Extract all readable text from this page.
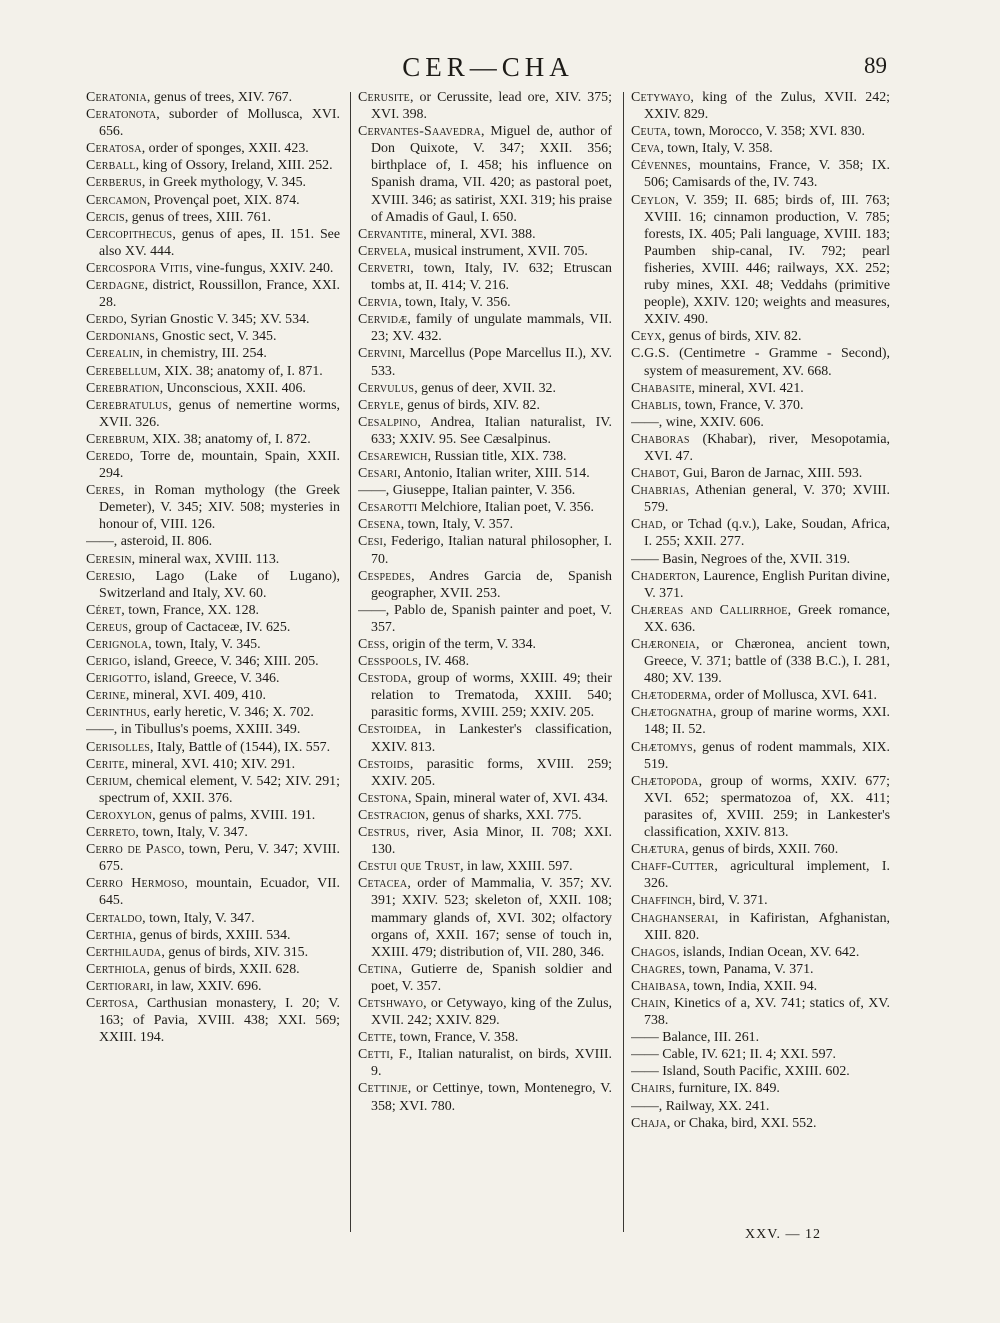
CER—CHA	89

Ceratonia, genus of trees, XIV. 767.

Ceratonota, suborder of Mollusca, XVI. 656.

Ceratosa, order of sponges, XXII. 423.

Cerball, king of Ossory, Ireland, XIII. 252.

Cerberus, in Greek mythology, V. 345.

Cercamon, Provençal poet, XIX. 874.

Cercis, genus of trees, XIII. 761.

Cercopithecus, genus of apes, II. 151. See also XV. 444.

Cercospora Vitis, vine-fungus, XXIV. 240.

Cerdagne, district, Roussillon, France, XXI. 28.

Cerdo, Syrian Gnostic V. 345; XV. 534.

Cerdonians, Gnostic sect, V. 345.

Cerealin, in chemistry, III. 254.

Cerebellum, XIX. 38; anatomy of, I. 871.

Cerebration, Unconscious, XXII. 406.

Cerebratulus, genus of nemertine worms, XVII. 326.

Cerebrum, XIX. 38; anatomy of, I. 872.

Ceredo, Torre de, mountain, Spain, XXII. 294.

Ceres, in Roman mythology (the Greek Demeter), V. 345; XIV. 508; mysteries in honour of, VIII. 126.

——, asteroid, II. 806.

Ceresin, mineral wax, XVIII. 113.

Ceresio, Lago (Lake of Lugano), Switzerland and Italy, XV. 60.

Céret, town, France, XX. 128.

Cereus, group of Cactaceæ, IV. 625.

Cerignola, town, Italy, V. 345.

Cerigo, island, Greece, V. 346; XIII. 205.

Cerigotto, island, Greece, V. 346.

Cerine, mineral, XVI. 409, 410.

Cerinthus, early heretic, V. 346; X. 702.

——, in Tibullus's poems, XXIII. 349.

Cerisolles, Italy, Battle of (1544), IX. 557.

Cerite, mineral, XVI. 410; XIV. 291.

Cerium, chemical element, V. 542; XIV. 291; spectrum of, XXII. 376.

Ceroxylon, genus of palms, XVIII. 191.

Cerreto, town, Italy, V. 347.

Cerro de Pasco, town, Peru, V. 347; XVIII. 675.

Cerro Hermoso, mountain, Ecuador, VII. 645.

Certaldo, town, Italy, V. 347.

Certhia, genus of birds, XXIII. 534.

Certhilauda, genus of birds, XIV. 315.

Certhiola, genus of birds, XXII. 628.

Certiorari, in law, XXIV. 696.

Certosa, Carthusian monastery, I. 20; V. 163; of Pavia, XVIII. 438; XXI. 569; XXIII. 194.

Cerusite, or Cerussite, lead ore, XIV. 375; XVI. 398.

Cervantes-Saavedra, Miguel de, author of Don Quixote, V. 347; XXII. 356; birthplace of, I. 458; his influence on Spanish drama, VII. 420; as pastoral poet, XVIII. 346; as satirist, XXI. 319; his praise of Amadis of Gaul, I. 650.

Cervantite, mineral, XVI. 388.

Cervela, musical instrument, XVII. 705.

Cervetri, town, Italy, IV. 632; Etruscan tombs at, II. 414; V. 216.

Cervia, town, Italy, V. 356.

Cervidæ, family of ungulate mammals, VII. 23; XV. 432.

Cervini, Marcellus (Pope Marcellus II.), XV. 533.

Cervulus, genus of deer, XVII. 32.

Ceryle, genus of birds, XIV. 82.

Cesalpino, Andrea, Italian naturalist, IV. 633; XXIV. 95. See Cæsalpinus.

Cesarewich, Russian title, XIX. 738.

Cesari, Antonio, Italian writer, XIII. 514.

——, Giuseppe, Italian painter, V. 356.

Cesarotti Melchiore, Italian poet, V. 356.

Cesena, town, Italy, V. 357.

Cesi, Federigo, Italian natural philosopher, I. 70.

Cespedes, Andres Garcia de, Spanish geographer, XVII. 253.

——, Pablo de, Spanish painter and poet, V. 357.

Cess, origin of the term, V. 334.

Cesspools, IV. 468.

Cestoda, group of worms, XXIII. 49; their relation to Trematoda, XXIII. 540; parasitic forms, XVIII. 259; XXIV. 205.

Cestoidea, in Lankester's classification, XXIV. 813.

Cestoids, parasitic forms, XVIII. 259; XXIV. 205.

Cestona, Spain, mineral water of, XVI. 434.

Cestracion, genus of sharks, XXI. 775.

Cestrus, river, Asia Minor, II. 708; XXI. 130.

Cestui que Trust, in law, XXIII. 597.

Cetacea, order of Mammalia, V. 357; XV. 391; XXIV. 523; skeleton of, XXII. 108; mammary glands of, XVI. 302; olfactory organs of, XXII. 167; sense of touch in, XXIII. 479; distribution of, VII. 280, 346.

Cetina, Gutierre de, Spanish soldier and poet, V. 357.

Cetshwayo, or Cetywayo, king of the Zulus, XVII. 242; XXIV. 829.

Cette, town, France, V. 358.

Cetti, F., Italian naturalist, on birds, XVIII. 9.

Cettinje, or Cettinye, town, Montenegro, V. 358; XVI. 780.

Cetywayo, king of the Zulus, XVII. 242; XXIV. 829.

Ceuta, town, Morocco, V. 358; XVI. 830.

Ceva, town, Italy, V. 358.

Cévennes, mountains, France, V. 358; IX. 506; Camisards of the, IV. 743.

Ceylon, V. 359; II. 685; birds of, III. 763; XVIII. 16; cinnamon production, V. 785; forests, IX. 405; Pali language, XVIII. 183; Paumben ship-canal, IV. 792; pearl fisheries, XVIII. 446; railways, XX. 252; ruby mines, XXI. 48; Veddahs (primitive people), XXIV. 120; weights and measures, XXIV. 490.

Ceyx, genus of birds, XIV. 82.

C.G.S. (Centimetre - Gramme - Second), system of measurement, XV. 668.

Chabasite, mineral, XVI. 421.

Chablis, town, France, V. 370.

——, wine, XXIV. 606.

Chaboras (Khabar), river, Mesopotamia, XVI. 47.

Chabot, Gui, Baron de Jarnac, XIII. 593.

Chabrias, Athenian general, V. 370; XVIII. 579.

Chad, or Tchad (q.v.), Lake, Soudan, Africa, I. 255; XXII. 277.

—— Basin, Negroes of the, XVII. 319.

Chaderton, Laurence, English Puritan divine, V. 371.

Chæreas and Callirrhoe, Greek romance, XX. 636.

Chæroneia, or Chæronea, ancient town, Greece, V. 371; battle of (338 B.C.), I. 281, 480; XV. 139.

Chætoderma, order of Mollusca, XVI. 641.

Chætognatha, group of marine worms, XXI. 148; II. 52.

Chætomys, genus of rodent mammals, XIX. 519.

Chætopoda, group of worms, XXIV. 677; XVI. 652; spermatozoa of, XX. 411; parasites of, XVIII. 259; in Lankester's classification, XXIV. 813.

Chætura, genus of birds, XXII. 760.

Chaff-Cutter, agricultural implement, I. 326.

Chaffinch, bird, V. 371.

Chaghanserai, in Kafiristan, Afghanistan, XIII. 820.

Chagos, islands, Indian Ocean, XV. 642.

Chagres, town, Panama, V. 371.

Chaibasa, town, India, XXII. 94.

Chain, Kinetics of a, XV. 741; statics of, XV. 738.

—— Balance, III. 261.

—— Cable, IV. 621; II. 4; XXI. 597.

—— Island, South Pacific, XXIII. 602.

Chairs, furniture, IX. 849.

——, Railway, XX. 241.

Chaja, or Chaka, bird, XXI. 552.

XXV. — 12
